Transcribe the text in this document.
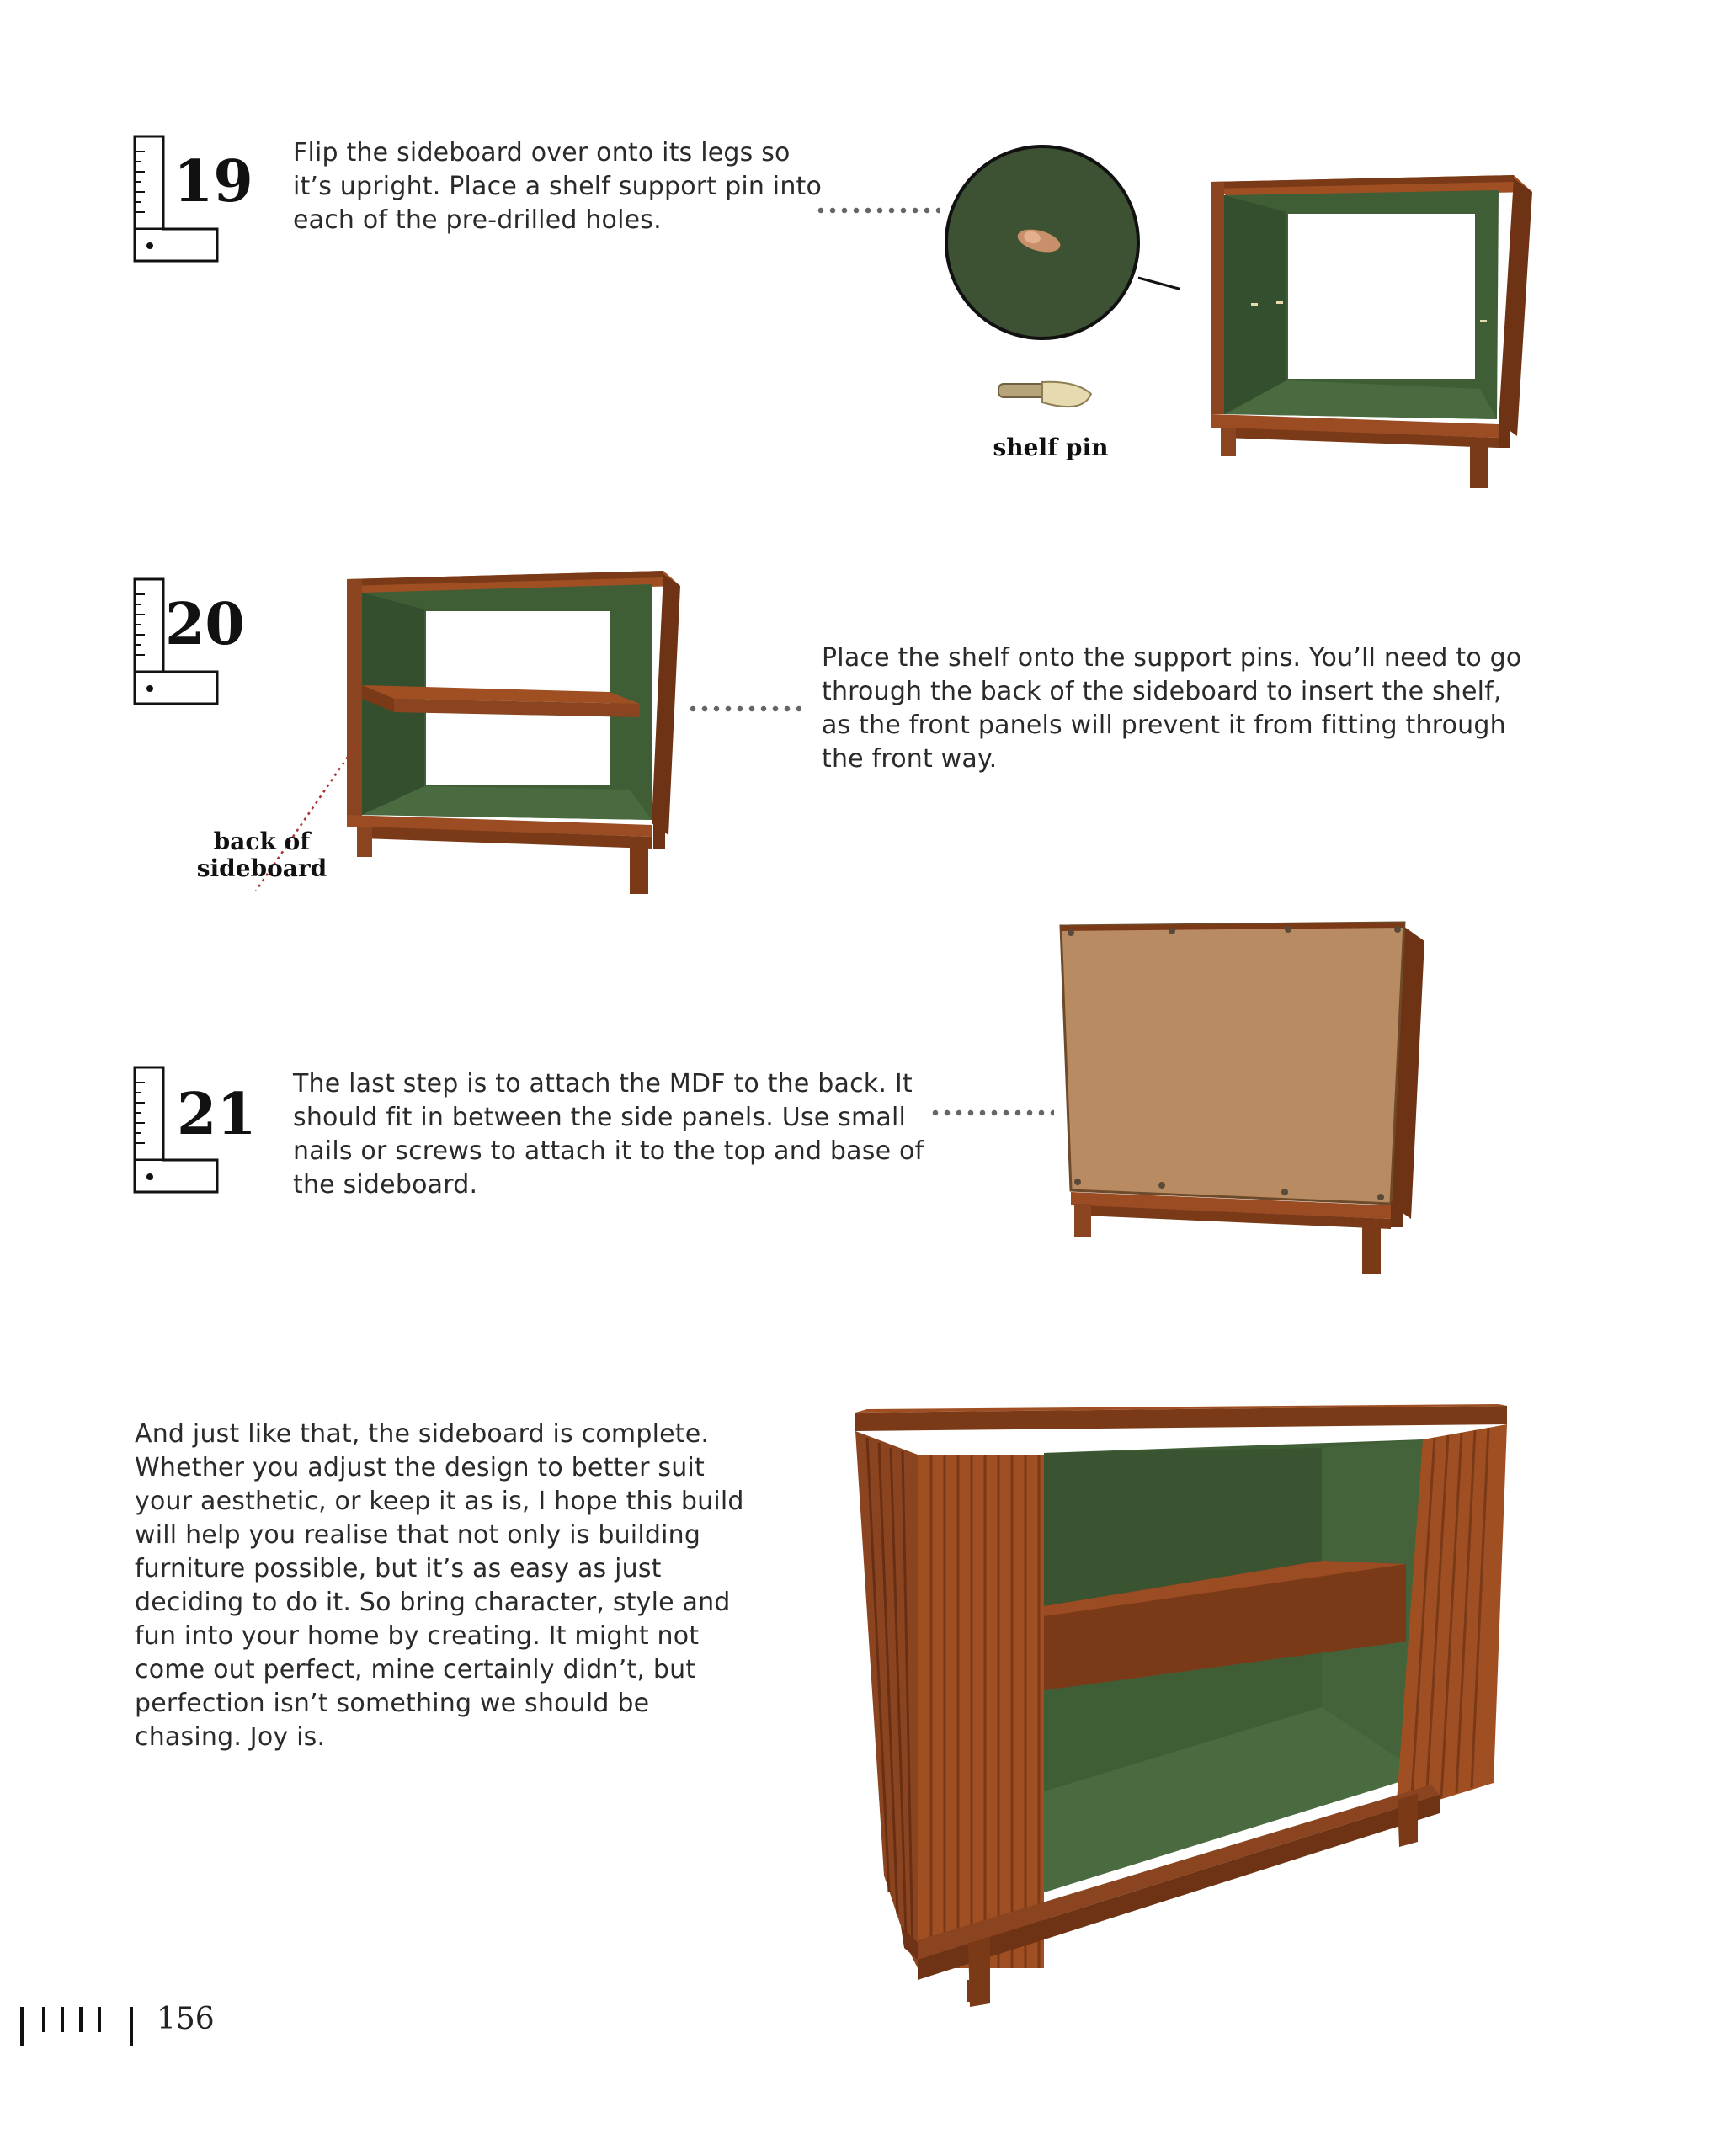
19 Flip the sideboard over onto its legs so it’s upright. Place a shelf support pin into each of the pre-drilled holes.
shelf pin
20
back of
sideboard
Place the shelf onto the support pins. You’ll need to go through the back of the sideboard to insert the shelf, as the front panels will prevent it from fitting through the front way.
21 The last step is to attach the MDF to the back. It should fit in between the side panels. Use small nails or screws to attach it to the top and base of the sideboard.
And just like that, the sideboard is complete. Whether you adjust the design to better suit your aesthetic, or keep it as is, I hope this build will help you realise that not only is building furniture possible, but it’s as easy as just deciding to do it. So bring character, style and fun into your home by creating. It might not come out perfect, mine certainly didn’t, but perfection isn’t something we should be chasing. Joy is.
156
